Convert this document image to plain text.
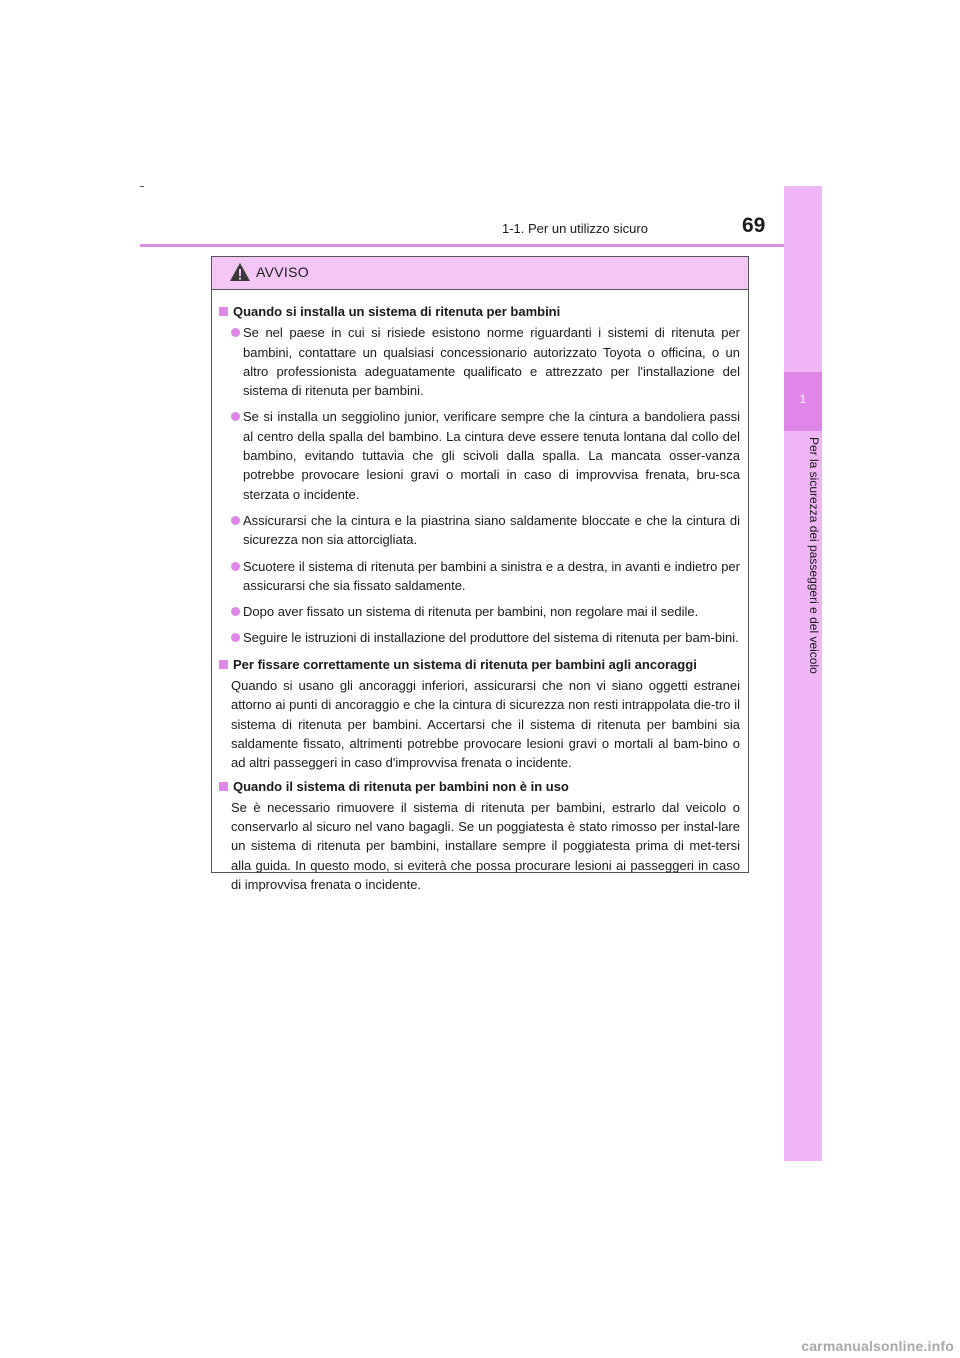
1-1. Per un utilizzo sicuro	69
1
Per la sicurezza dei passeggeri e del veicolo
AVVISO
Quando si installa un sistema di ritenuta per bambini
Se nel paese in cui si risiede esistono norme riguardanti i sistemi di ritenuta per bambini, contattare un qualsiasi concessionario autorizzato Toyota o officina, o un altro professionista adeguatamente qualificato e attrezzato per l'installazione del sistema di ritenuta per bambini.
Se si installa un seggiolino junior, verificare sempre che la cintura a bandoliera passi al centro della spalla del bambino. La cintura deve essere tenuta lontana dal collo del bambino, evitando tuttavia che gli scivoli dalla spalla. La mancata osser-vanza potrebbe provocare lesioni gravi o mortali in caso di improvvisa frenata, bru-sca sterzata o incidente.
Assicurarsi che la cintura e la piastrina siano saldamente bloccate e che la cintura di sicurezza non sia attorcigliata.
Scuotere il sistema di ritenuta per bambini a sinistra e a destra, in avanti e indietro per assicurarsi che sia fissato saldamente.
Dopo aver fissato un sistema di ritenuta per bambini, non regolare mai il sedile.
Seguire le istruzioni di installazione del produttore del sistema di ritenuta per bam-bini.
Per fissare correttamente un sistema di ritenuta per bambini agli ancoraggi
Quando si usano gli ancoraggi inferiori, assicurarsi che non vi siano oggetti estranei attorno ai punti di ancoraggio e che la cintura di sicurezza non resti intrappolata die-tro il sistema di ritenuta per bambini. Accertarsi che il sistema di ritenuta per bambini sia saldamente fissato, altrimenti potrebbe provocare lesioni gravi o mortali al bam-bino o ad altri passeggeri in caso d'improvvisa frenata o incidente.
Quando il sistema di ritenuta per bambini non è in uso
Se è necessario rimuovere il sistema di ritenuta per bambini, estrarlo dal veicolo o conservarlo al sicuro nel vano bagagli. Se un poggiatesta è stato rimosso per instal-lare un sistema di ritenuta per bambini, installare sempre il poggiatesta prima di met-tersi alla guida. In questo modo, si eviterà che possa procurare lesioni ai passeggeri in caso di improvvisa frenata o incidente.
carmanualsonline.info
